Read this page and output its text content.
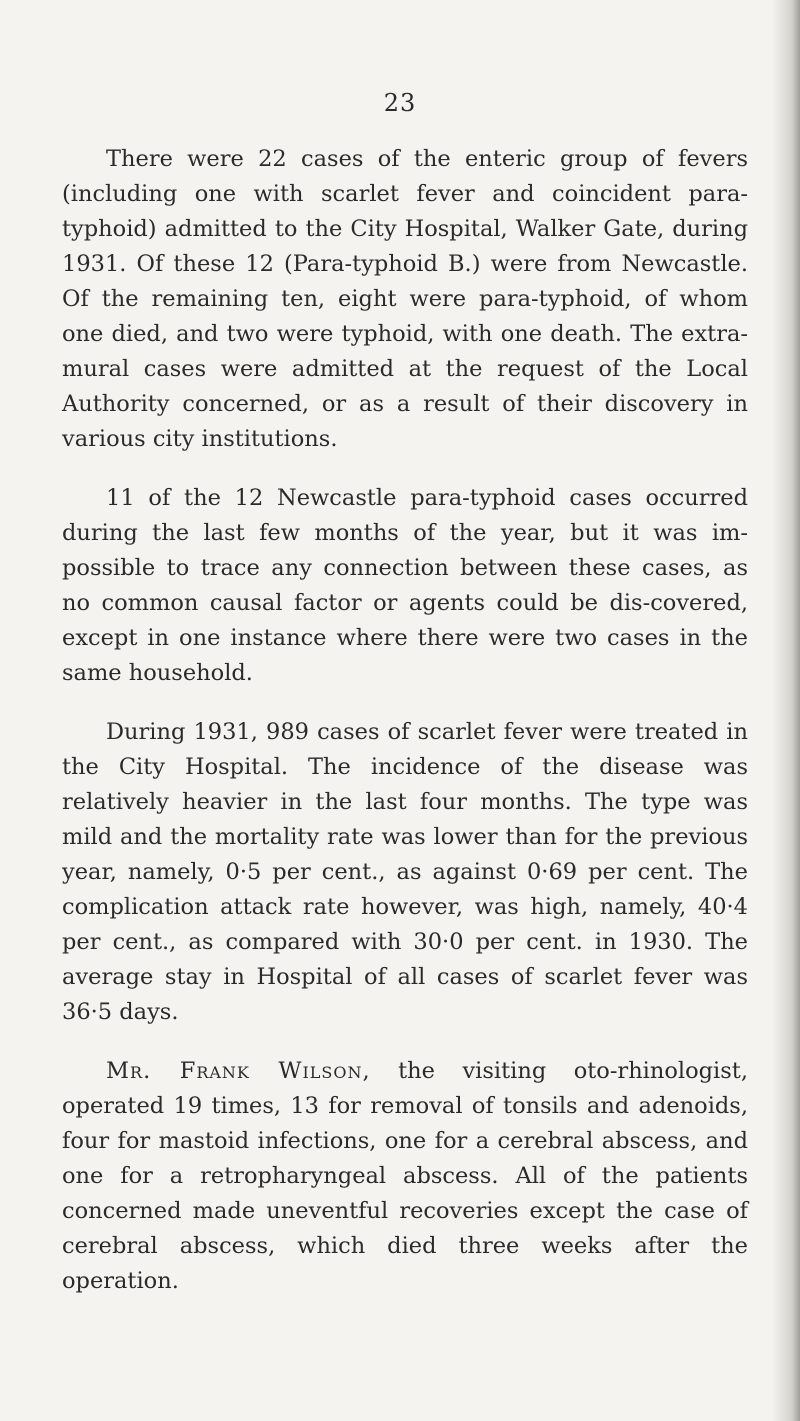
23

There were 22 cases of the enteric group of fevers (including one with scarlet fever and coincident para-typhoid) admitted to the City Hospital, Walker Gate, during 1931. Of these 12 (Para-typhoid B.) were from Newcastle. Of the remaining ten, eight were para-typhoid, of whom one died, and two were typhoid, with one death. The extra-mural cases were admitted at the request of the Local Authority concerned, or as a result of their discovery in various city institutions.

11 of the 12 Newcastle para-typhoid cases occurred during the last few months of the year, but it was im-possible to trace any connection between these cases, as no common causal factor or agents could be dis-covered, except in one instance where there were two cases in the same household.

During 1931, 989 cases of scarlet fever were treated in the City Hospital. The incidence of the disease was relatively heavier in the last four months. The type was mild and the mortality rate was lower than for the previous year, namely, 0·5 per cent., as against 0·69 per cent. The complication attack rate however, was high, namely, 40·4 per cent., as compared with 30·0 per cent. in 1930. The average stay in Hospital of all cases of scarlet fever was 36·5 days.

Mr. Frank Wilson, the visiting oto-rhinologist, operated 19 times, 13 for removal of tonsils and adenoids, four for mastoid infections, one for a cerebral abscess, and one for a retropharyngeal abscess. All of the patients concerned made uneventful recoveries except the case of cerebral abscess, which died three weeks after the operation.
